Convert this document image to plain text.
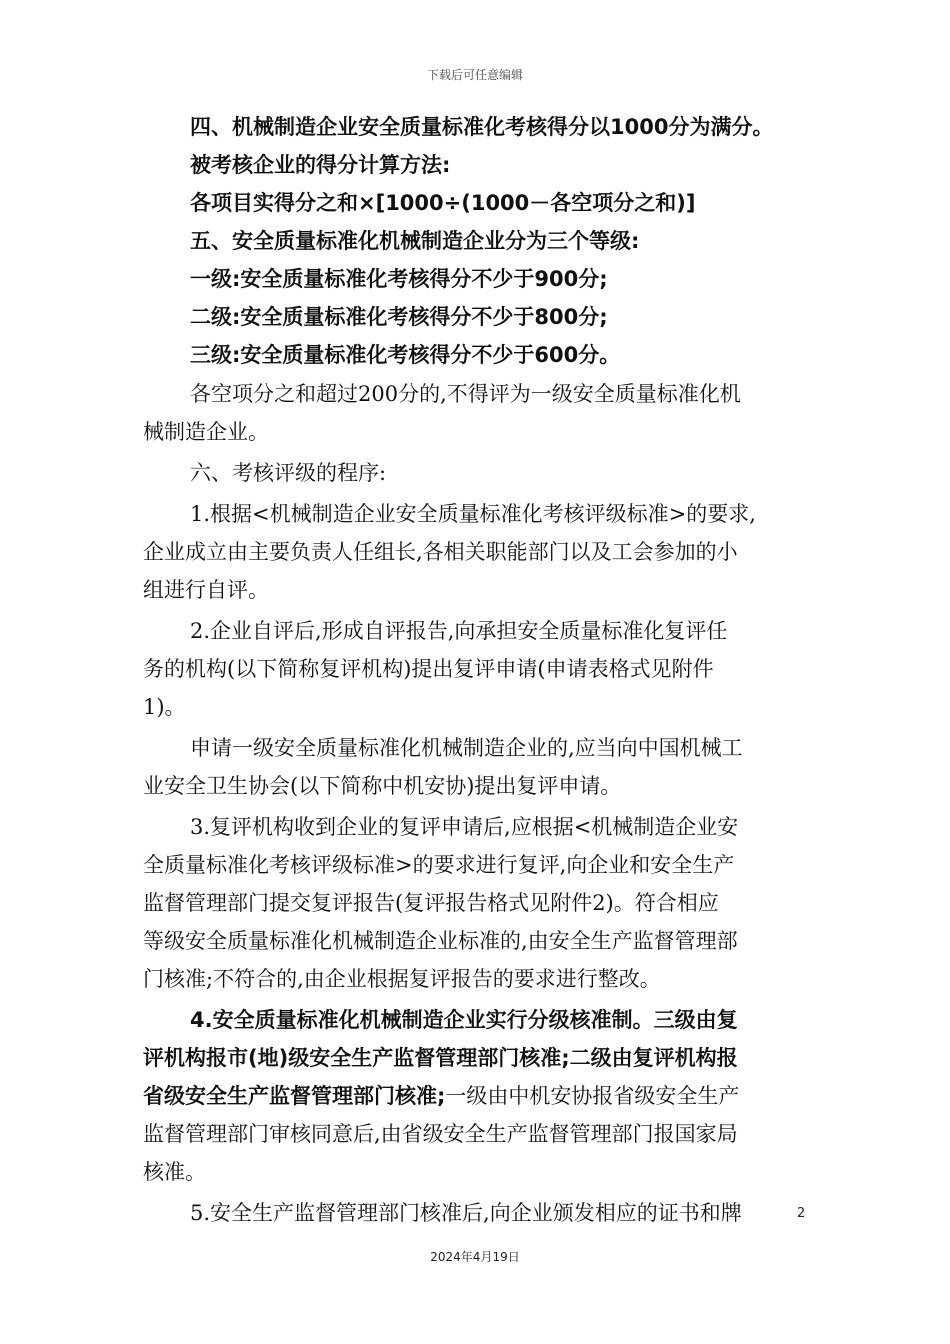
下载后可任意编辑
四、机械制造企业安全质量标准化考核得分以1000分为满分。
被考核企业的得分计算方法:
各项目实得分之和×[1000÷(1000－各空项分之和)]
五、安全质量标准化机械制造企业分为三个等级:
一级:安全质量标准化考核得分不少于900分;
二级:安全质量标准化考核得分不少于800分;
三级:安全质量标准化考核得分不少于600分。
各空项分之和超过200分的,不得评为一级安全质量标准化机
械制造企业。
六、考核评级的程序:
1.根据<机械制造企业安全质量标准化考核评级标准>的要求,
企业成立由主要负责人任组长,各相关职能部门以及工会参加的小
组进行自评。
2.企业自评后,形成自评报告,向承担安全质量标准化复评任
务的机构(以下简称复评机构)提出复评申请(申请表格式见附件
1)。
申请一级安全质量标准化机械制造企业的,应当向中国机械工
业安全卫生协会(以下简称中机安协)提出复评申请。
3.复评机构收到企业的复评申请后,应根据<机械制造企业安
全质量标准化考核评级标准>的要求进行复评,向企业和安全生产
监督管理部门提交复评报告(复评报告格式见附件2)。符合相应
等级安全质量标准化机械制造企业标准的,由安全生产监督管理部
门核准;不符合的,由企业根据复评报告的要求进行整改。
4.安全质量标准化机械制造企业实行分级核准制。三级由复
评机构报市(地)级安全生产监督管理部门核准;二级由复评机构报
省级安全生产监督管理部门核准;一级由中机安协报省级安全生产
监督管理部门审核同意后,由省级安全生产监督管理部门报国家局
核准。
5.安全生产监督管理部门核准后,向企业颁发相应的证书和牌	2
2024年4月19日
